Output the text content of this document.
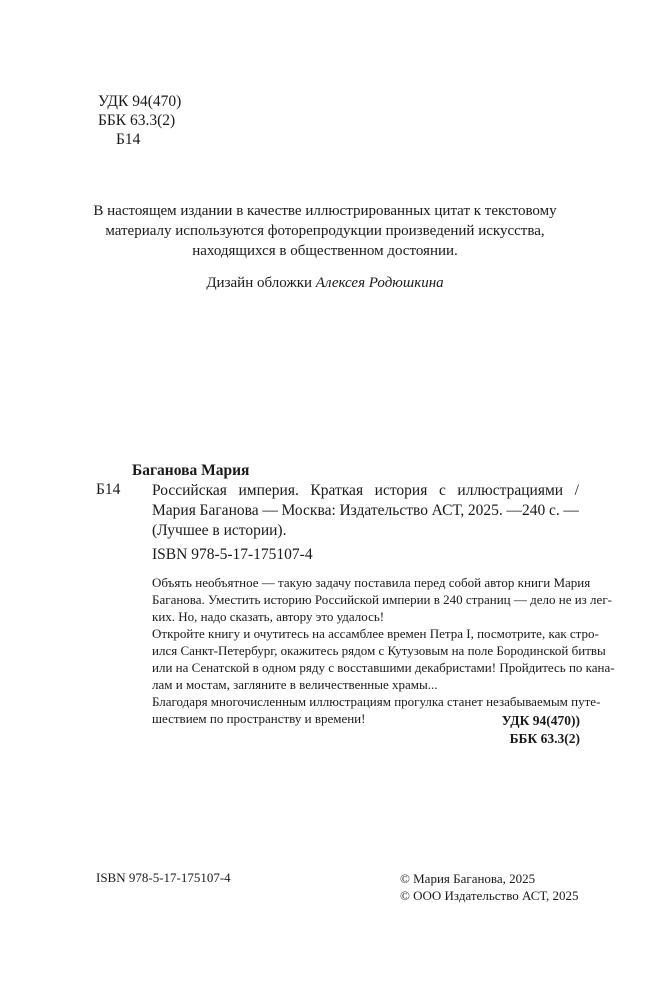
УДК 94(470)
ББК 63.3(2)
Б14
В настоящем издании в качестве иллюстрированных цитат к текстовому
материалу используются фоторепродукции произведений искусства,
находящихся в общественном достоянии.
Дизайн обложки Алексея Родюшкина
Баганова Мария
Б14 Российская империя. Краткая история с иллюстрациями /
Мария Баганова — Москва: Издательство АСТ, 2025. —240 с. —
(Лучшее в истории).
ISBN 978-5-17-175107-4
Объять необъятное — такую задачу поставила перед собой автор книги Мария
Баганова. Уместить историю Российской империи в 240 страниц — дело не из лег-
ких. Но, надо сказать, автору это удалось!
Откройте книгу и очутитесь на ассамблее времен Петра I, посмотрите, как стро-
ился Санкт-Петербург, окажитесь рядом с Кутузовым на поле Бородинской битвы
или на Сенатской в одном ряду с восставшими декабристами! Пройдитесь по кана-
лам и мостам, загляните в величественные храмы...
Благодаря многочисленным иллюстрациям прогулка станет незабываемым путе-
шествием по пространству и времени!	УДК 94(470))
ББК 63.3(2)
ISBN 978-5-17-175107-4	© Мария Баганова, 2025
© ООО Издательство АСТ, 2025
